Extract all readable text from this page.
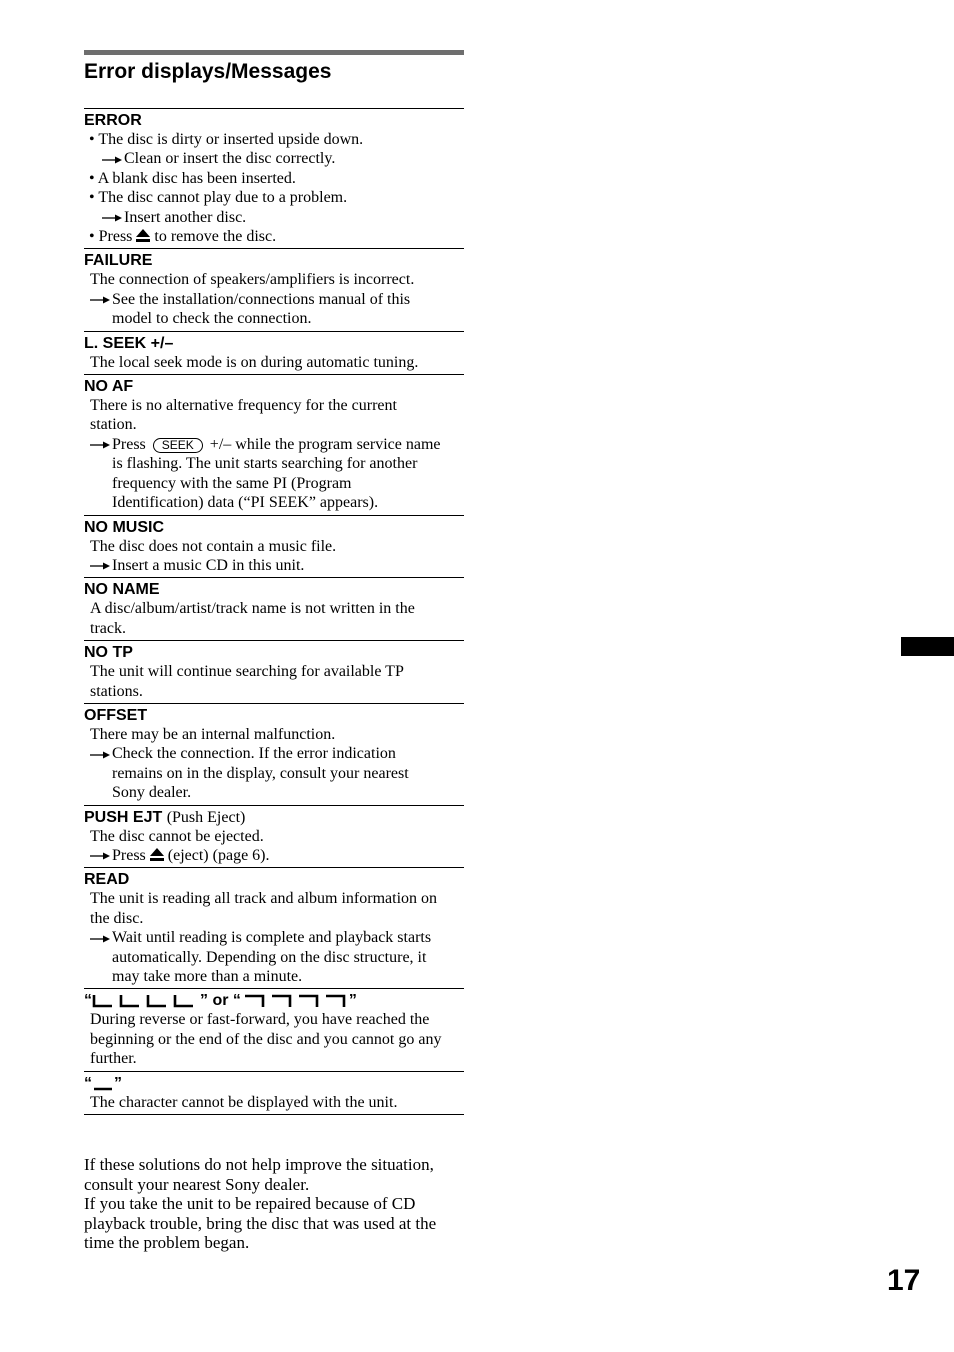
Error displays/Messages
ERROR
• The disc is dirty or inserted upside down.
Clean or insert the disc correctly.
• A blank disc has been inserted.
• The disc cannot play due to a problem.
Insert another disc.
• Press to remove the disc.
FAILURE
The connection of speakers/amplifiers is incorrect.
See the installation/connections manual of this
model to check the connection.
L. SEEK +/–
The local seek mode is on during automatic tuning.
NO AF
There is no alternative frequency for the current
station.
Press SEEK +/– while the program service name
is flashing. The unit starts searching for another
frequency with the same PI (Program
Identification) data (“PI SEEK” appears).
NO MUSIC
The disc does not contain a music file.
Insert a music CD in this unit.
NO NAME
A disc/album/artist/track name is not written in the
track.
NO TP
The unit will continue searching for available TP
stations.
OFFSET
There may be an internal malfunction.
Check the connection. If the error indication
remains on in the display, consult your nearest
Sony dealer.
PUSH EJT (Push Eject)
The disc cannot be ejected.
Press (eject) (page 6).
READ
The unit is reading all track and album information on
the disc.
Wait until reading is complete and playback starts
automatically. Depending on the disc structure, it
may take more than a minute.
“	” or “	”
During reverse or fast-forward, you have reached the
beginning or the end of the disc and you cannot go any
further.
“ ”
The character cannot be displayed with the unit.
If these solutions do not help improve the situation,
consult your nearest Sony dealer.
If you take the unit to be repaired because of CD
playback trouble, bring the disc that was used at the
time the problem began.
17
